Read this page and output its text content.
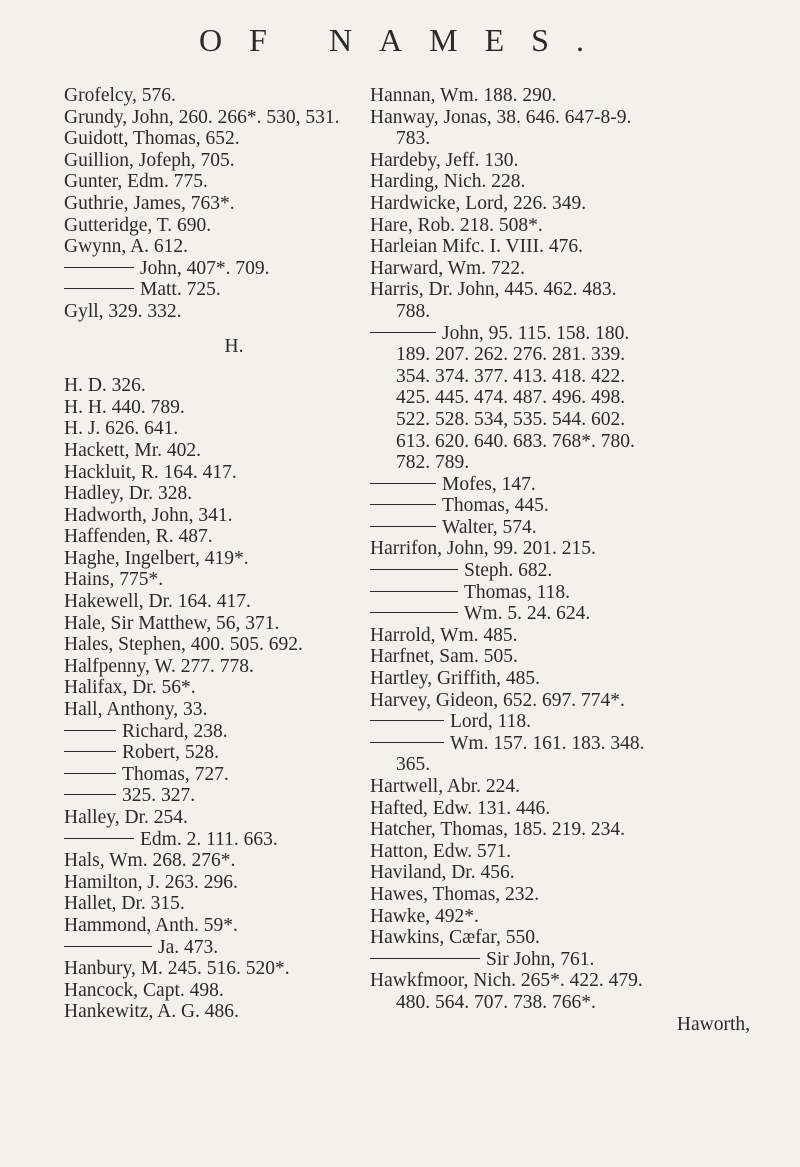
OF NAMES.
Grofelcy, 576.
Grundy, John, 260. 266*. 530, 531.
Guidott, Thomas, 652.
Guillion, Jofeph, 705.
Gunter, Edm. 775.
Guthrie, James, 763*.
Gutteridge, T. 690.
Gwynn, A. 612.
John, 407*. 709.
Matt. 725.
Gyll, 329. 332.
H.
H. D. 326.
H. H. 440. 789.
H. J. 626. 641.
Hackett, Mr. 402.
Hackluit, R. 164. 417.
Hadley, Dr. 328.
Hadworth, John, 341.
Haffenden, R. 487.
Haghe, Ingelbert, 419*.
Hains, 775*.
Hakewell, Dr. 164. 417.
Hale, Sir Matthew, 56, 371.
Hales, Stephen, 400. 505. 692.
Halfpenny, W. 277. 778.
Halifax, Dr. 56*.
Hall, Anthony, 33.
Richard, 238.
Robert, 528.
Thomas, 727.
325. 327.
Halley, Dr. 254.
Edm. 2. 111. 663.
Hals, Wm. 268. 276*.
Hamilton, J. 263. 296.
Hallet, Dr. 315.
Hammond, Anth. 59*.
Ja. 473.
Hanbury, M. 245. 516. 520*.
Hancock, Capt. 498.
Hankewitz, A. G. 486.
Hannan, Wm. 188. 290.
Hanway, Jonas, 38. 646. 647-8-9.
783.
Hardeby, Jeff. 130.
Harding, Nich. 228.
Hardwicke, Lord, 226. 349.
Hare, Rob. 218. 508*.
Harleian Mifc. I. VIII. 476.
Harward, Wm. 722.
Harris, Dr. John, 445. 462. 483.
788.
John, 95. 115. 158. 180.
189. 207. 262. 276. 281. 339.
354. 374. 377. 413. 418. 422.
425. 445. 474. 487. 496. 498.
522. 528. 534, 535. 544. 602.
613. 620. 640. 683. 768*. 780.
782. 789.
Mofes, 147.
Thomas, 445.
Walter, 574.
Harrifon, John, 99. 201. 215.
Steph. 682.
Thomas, 118.
Wm. 5. 24. 624.
Harrold, Wm. 485.
Harfnet, Sam. 505.
Hartley, Griffith, 485.
Harvey, Gideon, 652. 697. 774*.
Lord, 118.
Wm. 157. 161. 183. 348.
365.
Hartwell, Abr. 224.
Hafted, Edw. 131. 446.
Hatcher, Thomas, 185. 219. 234.
Hatton, Edw. 571.
Haviland, Dr. 456.
Hawes, Thomas, 232.
Hawke, 492*.
Hawkins, Cæfar, 550.
Sir John, 761.
Hawkfmoor, Nich. 265*. 422. 479.
480. 564. 707. 738. 766*.
Haworth,
